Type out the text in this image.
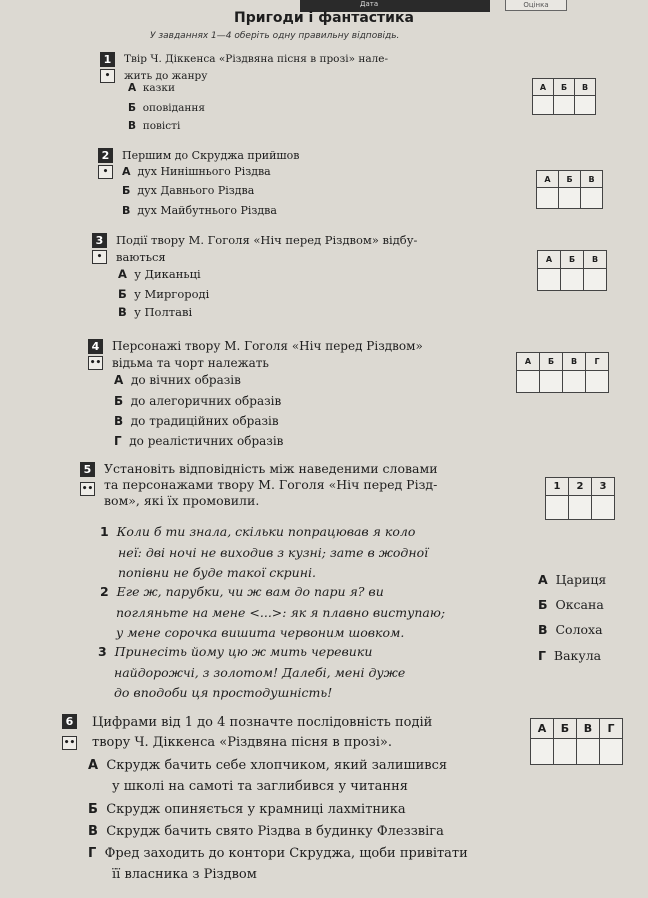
Дата	Оцінка
Пригоди і фантастика
У завданнях 1—4 оберіть одну правильну відповідь.
1
•
Твір Ч. Діккенса «Різдвяна пісня в прозі» нале-
жить до жанру
А казки
Б оповідання
В повісті
А	Б	В

2
•
Першим до Скруджа прийшов
А дух Нинішнього Різдва
Б дух Давнього Різдва
В дух Майбутнього Різдва
А	Б	В

3
•
Події твору М. Гоголя «Ніч перед Різдвом» відбу-
ваються
А у Диканьці
Б у Миргороді
В у Полтаві
А	Б	В

4
••
Персонажі твору М. Гоголя «Ніч перед Різдвом»
відьма та чорт належать
А до вічних образів
Б до алегоричних образів
В до традиційних образів
Г до реалістичних образів
А	Б	В	Г

5
••
Установіть відповідність між наведеними словами
та персонажами твору М. Гоголя «Ніч перед Різд-
вом», які їх промовили.
1	2	3

1 Коли б ти знала, скільки попрацював я коло
неї: дві ночі не виходив з кузні; зате в жодної
попівни не буде такої скрині.
2 Еге ж, парубки, чи ж вам до пари я? ви
погляньте на мене <...>: як я плавно виступаю;
у мене сорочка вишита червоним шовком.
3 Принесіть йому цю ж мить черевики
найдорожчі, з золотом! Далебі, мені дуже
до вподоби ця простодушність!
А Цариця
Б Оксана
В Солоха
Г Вакула
6
••
Цифрами від 1 до 4 позначте послідовність подій
твору Ч. Діккенса «Різдвяна пісня в прозі».
А	Б	В	Г

А Скрудж бачить себе хлопчиком, який залишився
у школі на самоті та заглибився у читання
Б Скрудж опиняється у крамниці лахмітника
В Скрудж бачить свято Різдва в будинку Флеззвіга
Г Фред заходить до контори Скруджа, щоби привітати
її власника з Різдвом
